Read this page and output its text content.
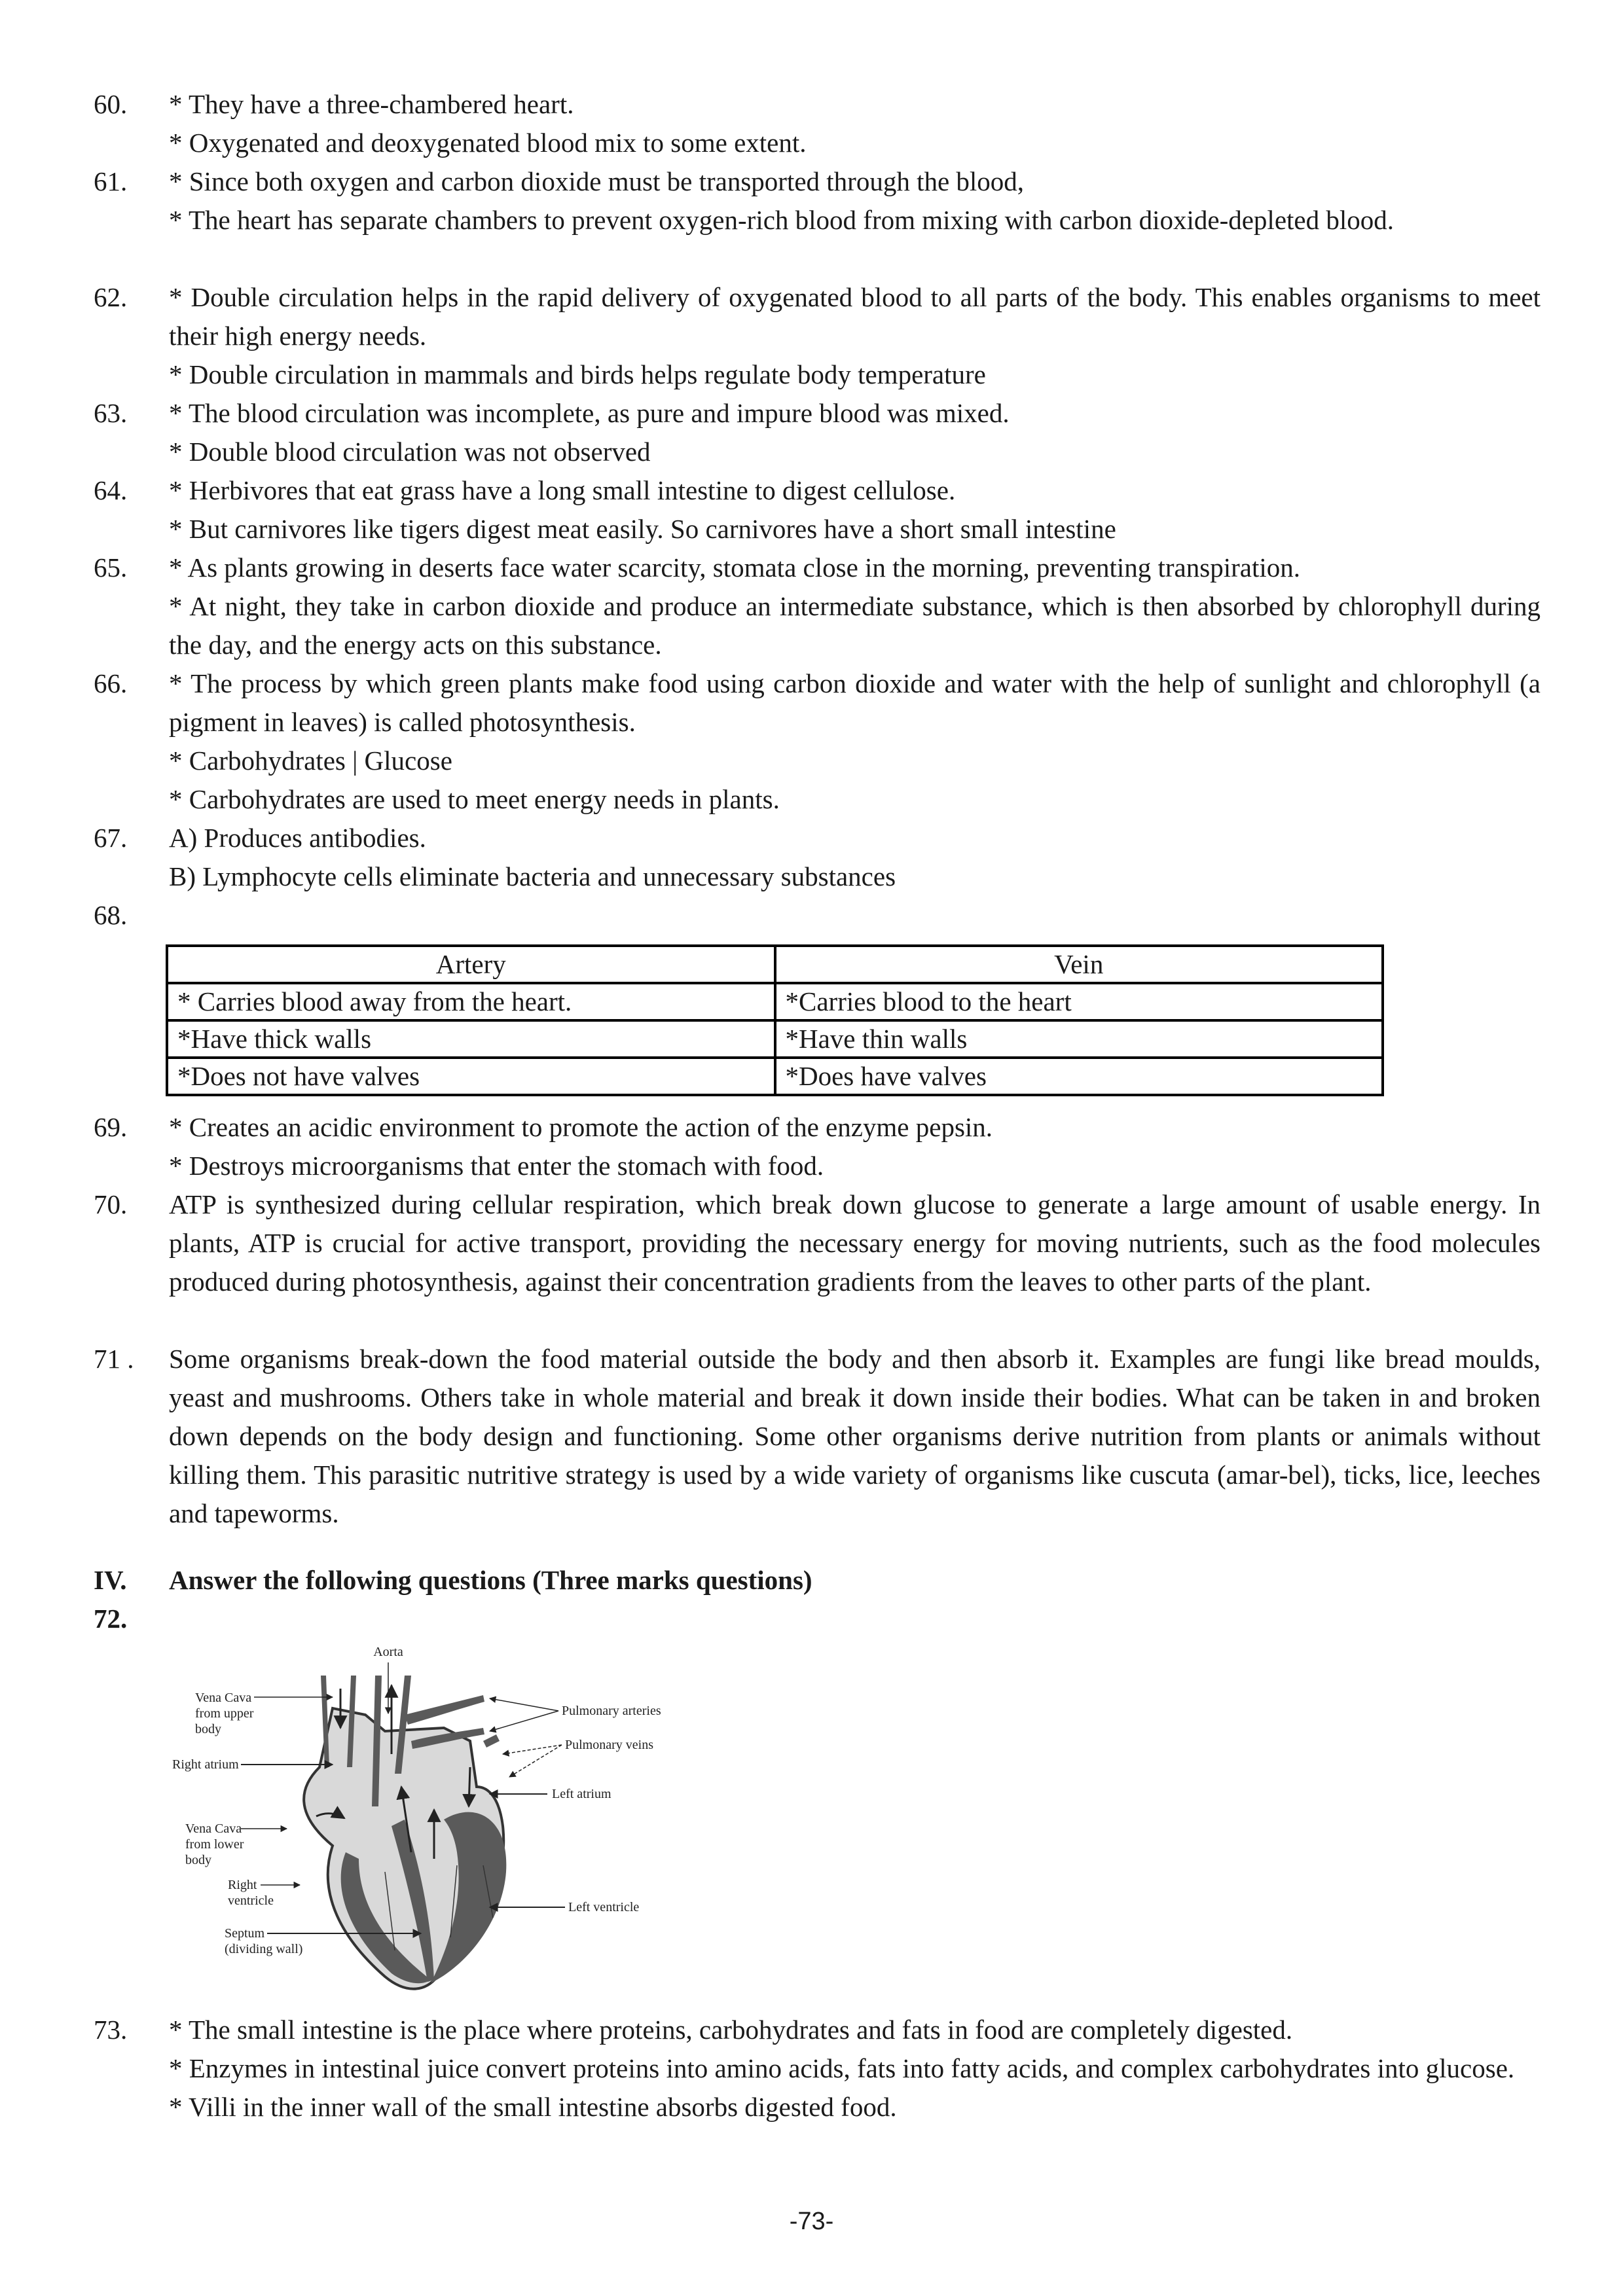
60.	* They have a three-chambered heart.
* Oxygenated and deoxygenated blood mix to some extent.
61.	* Since both oxygen and carbon dioxide must be transported through the blood,
* The heart has separate chambers to prevent oxygen-rich blood from mixing with carbon dioxide-depleted blood.
62.	* Double circulation helps in the rapid delivery of oxygenated blood to all parts of the body. This enables organisms to meet their high energy needs.
* Double circulation in mammals and birds helps regulate body temperature
63.	* The blood circulation was incomplete, as pure and impure blood was mixed.
* Double blood circulation was not observed
64.	* Herbivores that eat grass have a long small intestine to digest cellulose.
* But carnivores like tigers digest meat easily. So carnivores have a short small intestine
65.	* As plants growing in deserts face water scarcity, stomata close in the morning, preventing transpiration.
* At night, they take in carbon dioxide and produce an intermediate substance, which is then absorbed by chlorophyll during the day, and the energy acts on this substance.
66.	* The process by which green plants make food using carbon dioxide and water with the help of sunlight and chlorophyll (a pigment in leaves) is called photosynthesis.
* Carbohydrates | Glucose
* Carbohydrates are used to meet energy needs in plants.
67.	A) Produces antibodies.
B) Lymphocyte cells eliminate bacteria and unnecessary substances
68.
Artery	Vein
* Carries blood away from the heart.	*Carries blood to the heart
*Have thick walls	*Have thin walls
*Does not have valves	*Does have valves
69.	* Creates an acidic environment to promote the action of the enzyme pepsin.
* Destroys microorganisms that enter the stomach with food.
70.	ATP is synthesized during cellular respiration, which break down glucose to generate a large amount of usable energy. In plants, ATP is crucial for active transport, providing the necessary energy for moving nutrients, such as the food molecules produced during photosynthesis, against their concentration gradients from the leaves to other parts of the plant.
71 .	Some organisms break-down the food material outside the body and then absorb it. Examples are fungi like bread moulds, yeast and mushrooms. Others take in whole material and break it down inside their bodies. What can be taken in and broken down depends on the body design and functioning. Some other organisms derive nutrition from plants or animals without killing them. This parasitic nutritive strategy is used by a wide variety of organisms like cuscuta (amar-bel), ticks, lice, leeches and tapeworms.
IV.	Answer the following questions (Three marks questions)
72.
Aorta
Vena Cava
from upper
body
Right atrium
Vena Cava
from lower
body
Right
ventricle
Septum
(dividing wall)
Pulmonary arteries
Pulmonary veins
Left atrium
Left ventricle
73.	* The small intestine is the place where proteins, carbohydrates and fats in food are completely digested.
* Enzymes in intestinal juice convert proteins into amino acids, fats into fatty acids, and complex carbohydrates into glucose.
* Villi in the inner wall of the small intestine absorbs digested food.
-73-
